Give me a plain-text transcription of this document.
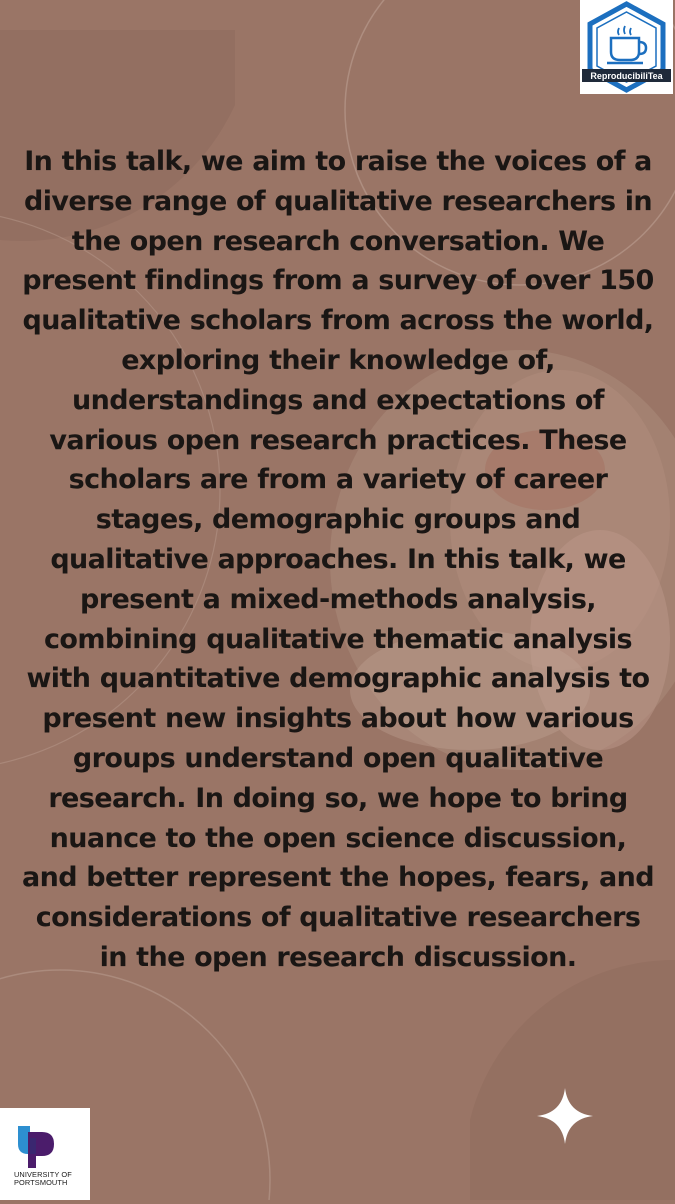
ReproducibiliTea

In this talk, we aim to raise the voices of a diverse range of qualitative researchers in the open research conversation. We present findings from a survey of over 150 qualitative scholars from across the world, exploring their knowledge of, understandings and expectations of various open research practices. These scholars are from a variety of career stages, demographic groups and qualitative approaches. In this talk, we present a mixed-methods analysis, combining qualitative thematic analysis with quantitative demographic analysis to present new insights about how various groups understand open qualitative research. In doing so, we hope to bring nuance to the open science discussion, and better represent the hopes, fears, and considerations of qualitative researchers in the open research discussion.

UNIVERSITY OF
PORTSMOUTH
